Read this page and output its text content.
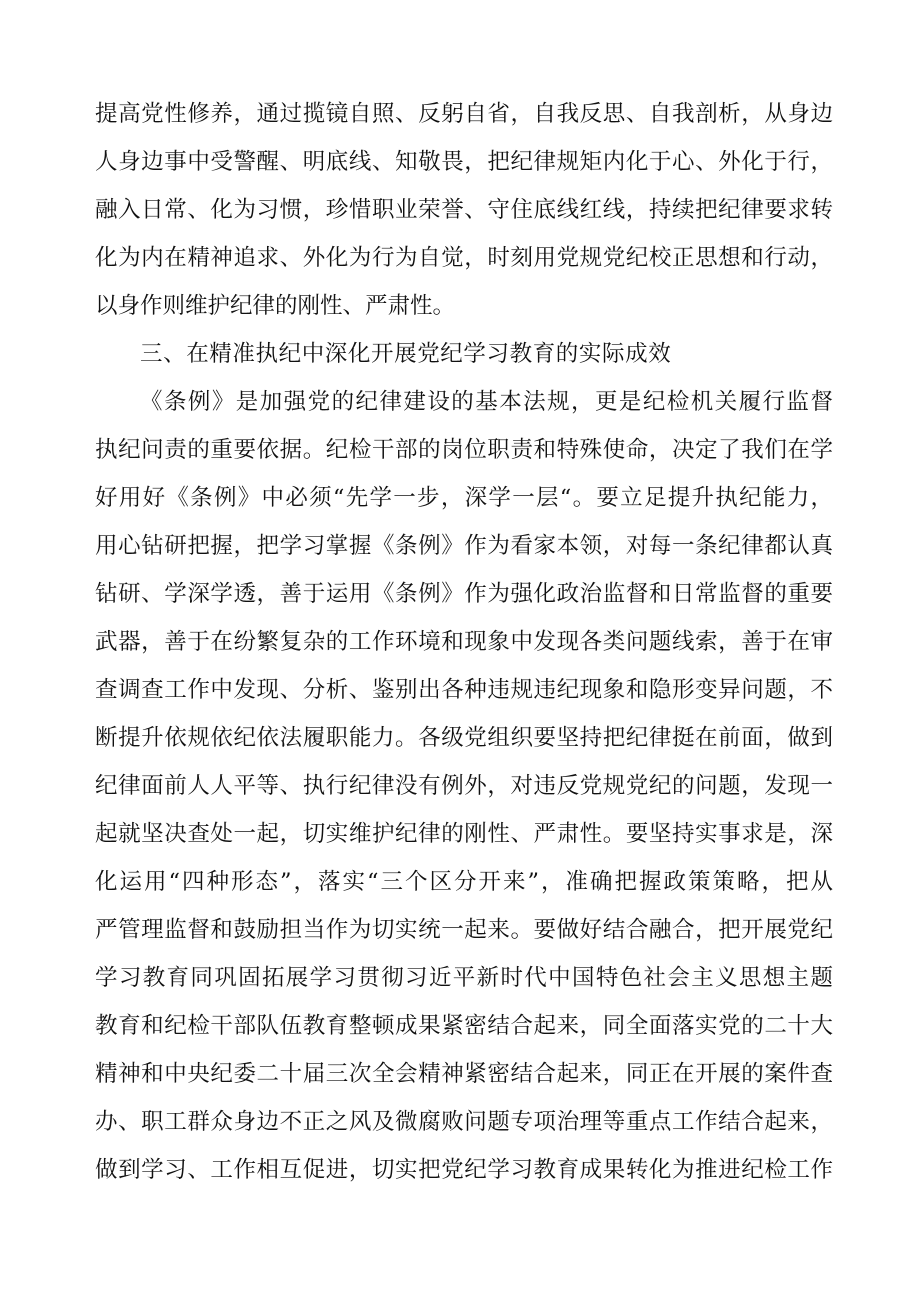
提高党性修养，通过揽镜自照、反躬自省，自我反思、自我剖析，从身边
人身边事中受警醒、明底线、知敬畏，把纪律规矩内化于心、外化于行，
融入日常、化为习惯，珍惜职业荣誉、守住底线红线，持续把纪律要求转
化为内在精神追求、外化为行为自觉，时刻用党规党纪校正思想和行动，
以身作则维护纪律的刚性、严肃性。
三、在精准执纪中深化开展党纪学习教育的实际成效
《条例》是加强党的纪律建设的基本法规，更是纪检机关履行监督
执纪问责的重要依据。纪检干部的岗位职责和特殊使命，决定了我们在学
好用好《条例》中必须“先学一步，深学一层“。要立足提升执纪能力，
用心钻研把握，把学习掌握《条例》作为看家本领，对每一条纪律都认真
钻研、学深学透，善于运用《条例》作为强化政治监督和日常监督的重要
武器，善于在纷繁复杂的工作环境和现象中发现各类问题线索，善于在审
查调查工作中发现、分析、鉴别出各种违规违纪现象和隐形变异问题，不
断提升依规依纪依法履职能力。各级党组织要坚持把纪律挺在前面，做到
纪律面前人人平等、执行纪律没有例外，对违反党规党纪的问题，发现一
起就坚决查处一起，切实维护纪律的刚性、严肃性。要坚持实事求是，深
化运用“四种形态”，落实“三个区分开来”，准确把握政策策略，把从
严管理监督和鼓励担当作为切实统一起来。要做好结合融合，把开展党纪
学习教育同巩固拓展学习贯彻习近平新时代中国特色社会主义思想主题
教育和纪检干部队伍教育整顿成果紧密结合起来，同全面落实党的二十大
精神和中央纪委二十届三次全会精神紧密结合起来，同正在开展的案件查
办、职工群众身边不正之风及微腐败问题专项治理等重点工作结合起来，
做到学习、工作相互促进，切实把党纪学习教育成果转化为推进纪检工作
